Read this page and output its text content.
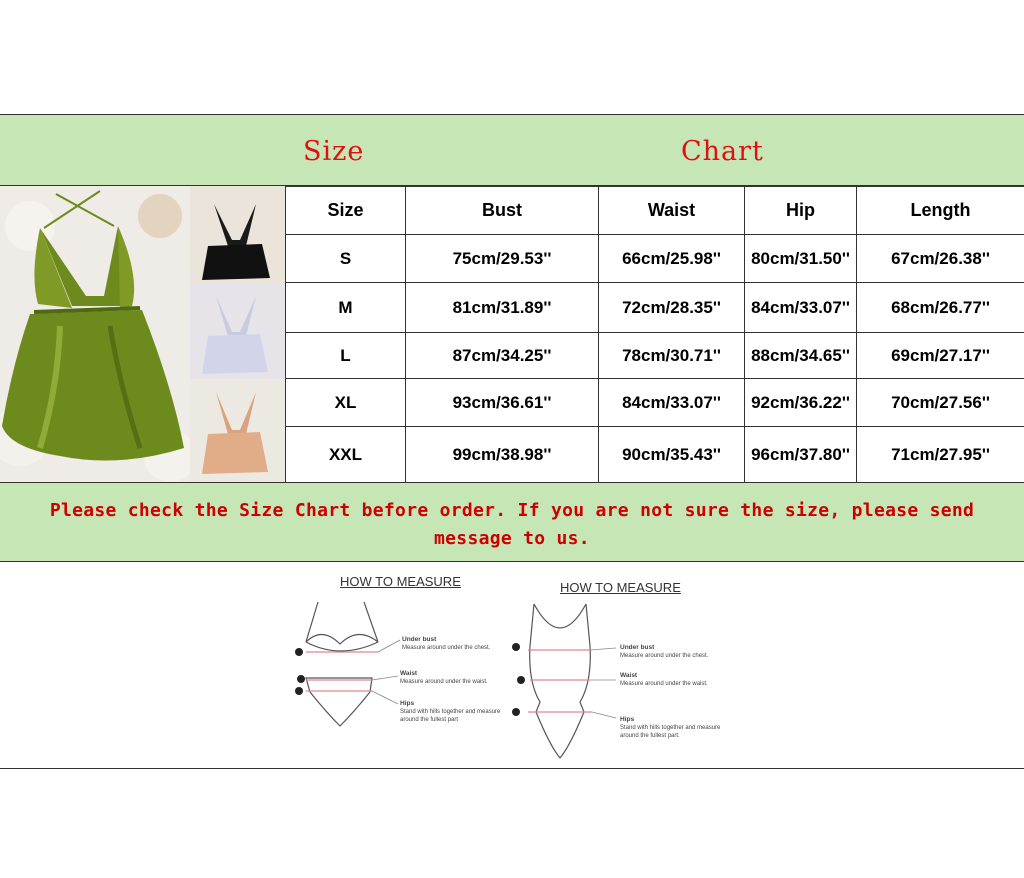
Size	Chart
Size	Bust	Waist	Hip	Length
S	75cm/29.53''	66cm/25.98''	80cm/31.50''	67cm/26.38''
M	81cm/31.89''	72cm/28.35''	84cm/33.07''	68cm/26.77''
L	87cm/34.25''	78cm/30.71''	88cm/34.65''	69cm/27.17''
XL	93cm/36.61''	84cm/33.07''	92cm/36.22''	70cm/27.56''
XXL	99cm/38.98''	90cm/35.43''	96cm/37.80''	71cm/27.95''
Please check the Size Chart before order. If you are not sure the size, please send
message to us.
HOW TO MEASURE	HOW TO MEASURE
Under bust
Measure around under the chest.
Waist
Measure around under the waist.
Hips
Stand with hills together and measure around the fullest part
Under bust
Measure around under the chest.
Waist
Measure around under the waist.
Hips
Stand with hills together and measure around the fullest part.
